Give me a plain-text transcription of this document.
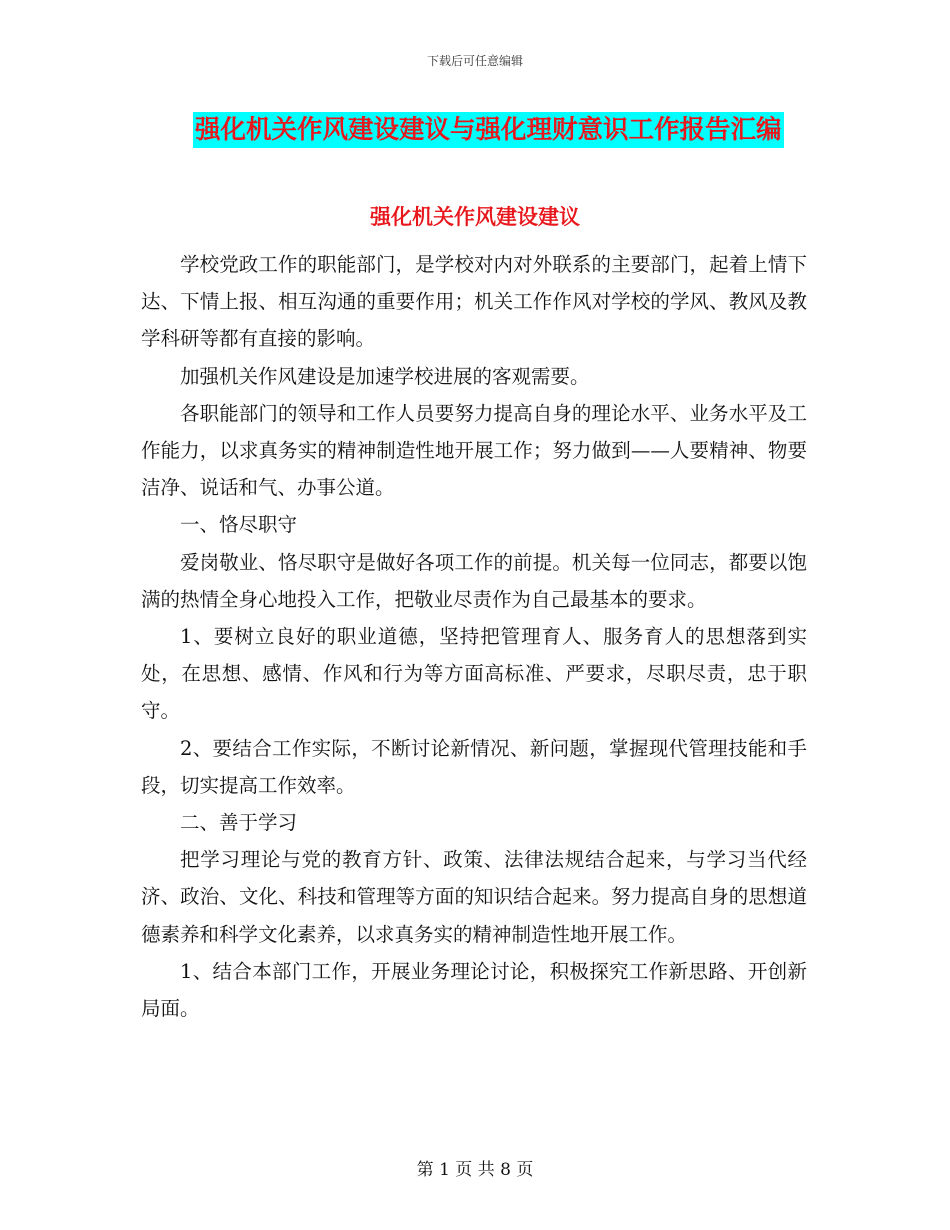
下载后可任意编辑
强化机关作风建设建议与强化理财意识工作报告汇编
强化机关作风建设建议

学校党政工作的职能部门，是学校对内对外联系的主要部门，起着上情下达、下情上报、相互沟通的重要作用；机关工作作风对学校的学风、教风及教学科研等都有直接的影响。

加强机关作风建设是加速学校进展的客观需要。

各职能部门的领导和工作人员要努力提高自身的理论水平、业务水平及工作能力，以求真务实的精神制造性地开展工作；努力做到——人要精神、物要洁净、说话和气、办事公道。

一、恪尽职守

爱岗敬业、恪尽职守是做好各项工作的前提。机关每一位同志，都要以饱满的热情全身心地投入工作，把敬业尽责作为自己最基本的要求。

1、要树立良好的职业道德，坚持把管理育人、服务育人的思想落到实处，在思想、感情、作风和行为等方面高标准、严要求，尽职尽责，忠于职守。

2、要结合工作实际，不断讨论新情况、新问题，掌握现代管理技能和手段，切实提高工作效率。

二、善于学习

把学习理论与党的教育方针、政策、法律法规结合起来，与学习当代经济、政治、文化、科技和管理等方面的知识结合起来。努力提高自身的思想道德素养和科学文化素养，以求真务实的精神制造性地开展工作。

1、结合本部门工作，开展业务理论讨论，积极探究工作新思路、开创新局面。

第 1 页 共 8 页
